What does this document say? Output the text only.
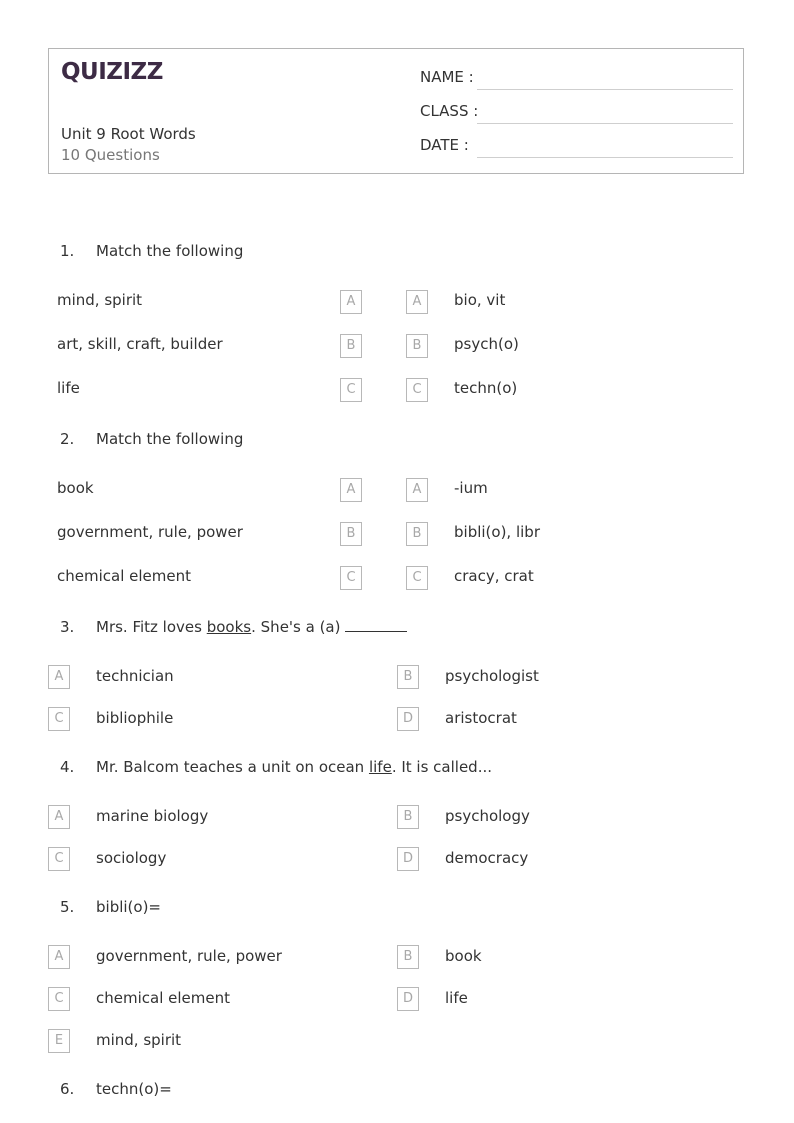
QUIZIZZ
Unit 9 Root Words
10 Questions
NAME :
CLASS :
DATE :
1. Match the following
mind, spirit	A	A	bio, vit
art, skill, craft, builder	B	B	psych(o)
life	C	C	techn(o)
2. Match the following
book	A	A	-ium
government, rule, power	B	B	bibli(o), libr
chemical element	C	C	cracy, crat
3. Mrs. Fitz loves books. She's a (a)
A	technician	B	psychologist
C	bibliophile	D	aristocrat
4. Mr. Balcom teaches a unit on ocean life. It is called...
A	marine biology	B	psychology
C	sociology	D	democracy
5. bibli(o)=
A	government, rule, power	B	book
C	chemical element	D	life
E	mind, spirit
6. techn(o)=
